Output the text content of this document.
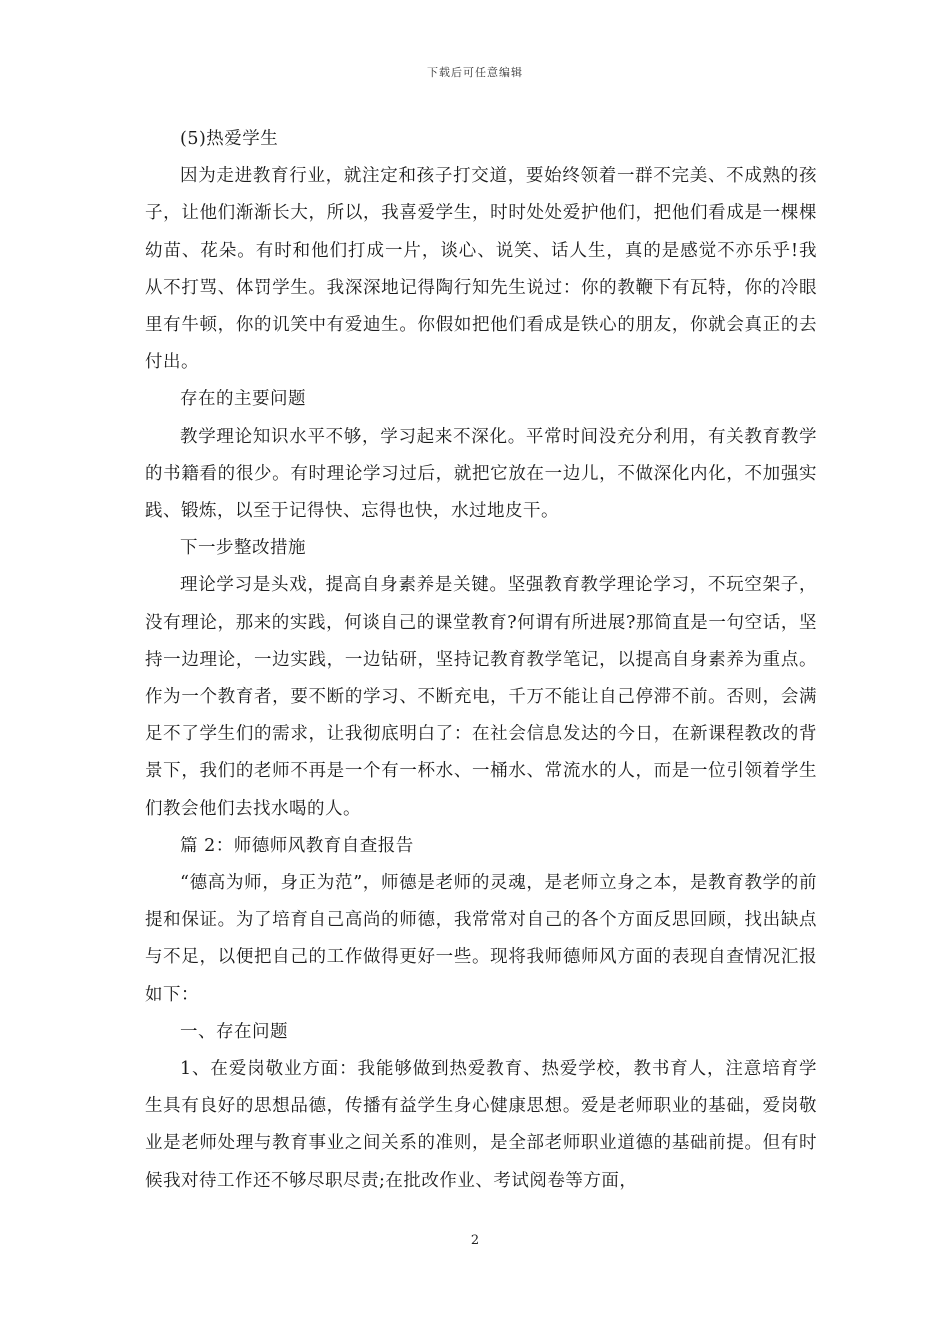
下载后可任意编辑

(5)热爱学生

因为走进教育行业，就注定和孩子打交道，要始终领着一群不完美、不成熟的孩子，让他们渐渐长大，所以，我喜爱学生，时时处处爱护他们，把他们看成是一棵棵幼苗、花朵。有时和他们打成一片，谈心、说笑、话人生，真的是感觉不亦乐乎!我从不打骂、体罚学生。我深深地记得陶行知先生说过：你的教鞭下有瓦特，你的冷眼里有牛顿，你的讥笑中有爱迪生。你假如把他们看成是铁心的朋友，你就会真正的去付出。

存在的主要问题

教学理论知识水平不够，学习起来不深化。平常时间没充分利用，有关教育教学的书籍看的很少。有时理论学习过后，就把它放在一边儿，不做深化内化，不加强实践、锻炼，以至于记得快、忘得也快，水过地皮干。

下一步整改措施

理论学习是头戏，提高自身素养是关键。坚强教育教学理论学习，不玩空架子，没有理论，那来的实践，何谈自己的课堂教育?何谓有所进展?那简直是一句空话，坚持一边理论，一边实践，一边钻研，坚持记教育教学笔记，以提高自身素养为重点。作为一个教育者，要不断的学习、不断充电，千万不能让自己停滞不前。否则，会满足不了学生们的需求，让我彻底明白了：在社会信息发达的今日，在新课程教改的背景下，我们的老师不再是一个有一杯水、一桶水、常流水的人，而是一位引领着学生们教会他们去找水喝的人。

篇 2：师德师风教育自查报告

“德高为师，身正为范”，师德是老师的灵魂，是老师立身之本，是教育教学的前提和保证。为了培育自己高尚的师德，我常常对自己的各个方面反思回顾，找出缺点与不足，以便把自己的工作做得更好一些。现将我师德师风方面的表现自查情况汇报如下：

一、存在问题

1、在爱岗敬业方面：我能够做到热爱教育、热爱学校，教书育人，注意培育学生具有良好的思想品德，传播有益学生身心健康思想。爱是老师职业的基础，爱岗敬业是老师处理与教育事业之间关系的准则，是全部老师职业道德的基础前提。但有时候我对待工作还不够尽职尽责;在批改作业、考试阅卷等方面，

2
